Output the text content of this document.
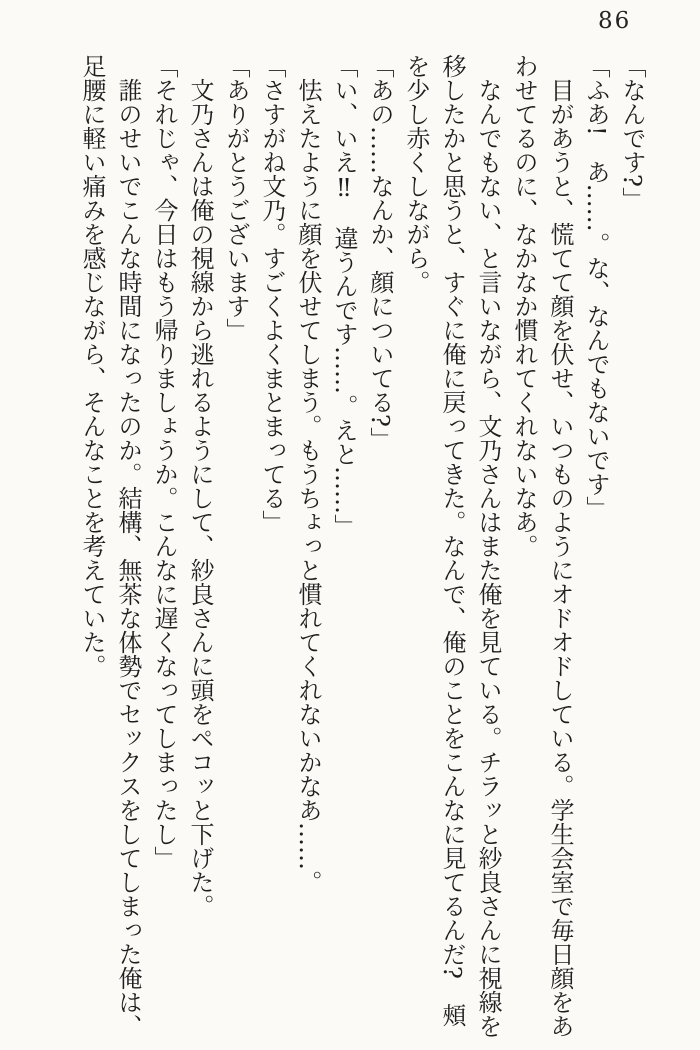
86

「なんです?」

「ふあ!　あ……。な、なんでもないです」

目があうと、慌てて顔を伏せ、いつものようにオドオドしている。学生会室で毎日顔をあわせてるのに、なかなか慣れてくれないなあ。

なんでもない、と言いながら、文乃さんはまた俺を見ている。チラッと紗良さんに視線を移したかと思うと、すぐに俺に戻ってきた。なんで、俺のことをこんなに見てるんだ?　頰を少し赤くしながら。

「あの……なんか、顔についてる?」

「い、いえ‼　違うんです……。えと……」

怯えたように顔を伏せてしまう。もうちょっと慣れてくれないかなあ……。

「さすがね文乃。すごくよくまとまってる」

「ありがとうございます」

文乃さんは俺の視線から逃れるようにして、紗良さんに頭をペコッと下げた。

「それじゃ、今日はもう帰りましょうか。こんなに遅くなってしまったし」

誰のせいでこんな時間になったのか。結構、無茶な体勢でセックスをしてしまった俺は、足腰に軽い痛みを感じながら、そんなことを考えていた。
